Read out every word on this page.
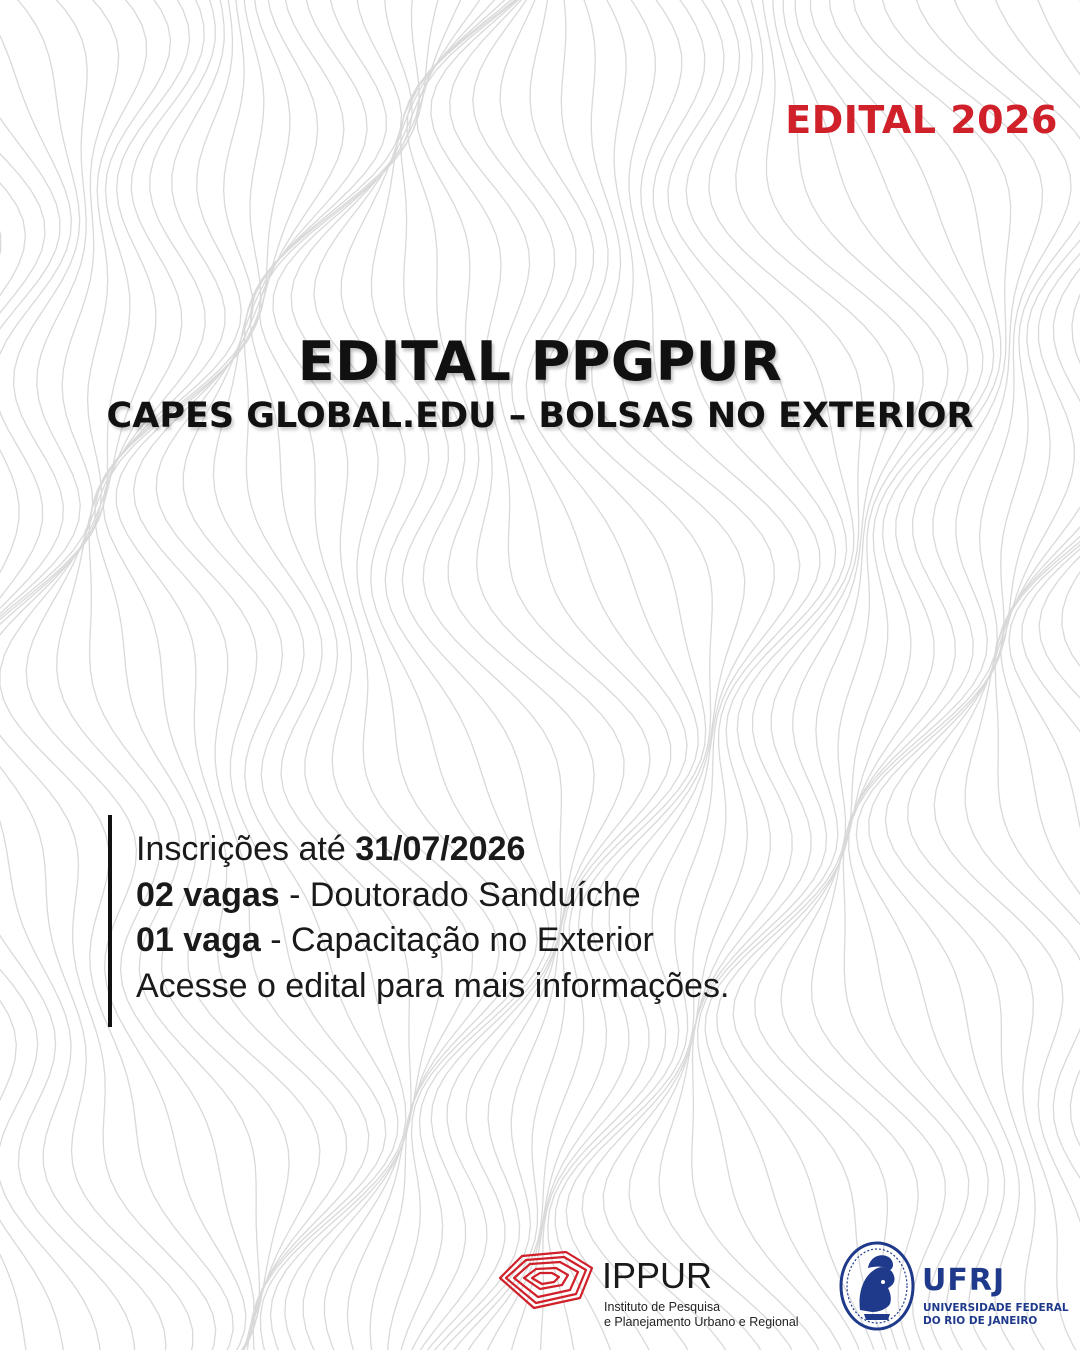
EDITAL 2026
EDITAL PPGPUR
CAPES GLOBAL.EDU – BOLSAS NO EXTERIOR
Inscrições até 31/07/2026
02 vagas - Doutorado Sanduíche
01 vaga - Capacitação no Exterior
Acesse o edital para mais informações.
IPPUR
Instituto de Pesquisa
e Planejamento Urbano e Regional
UFRJ
UNIVERSIDADE FEDERAL
DO RIO DE JANEIRO
